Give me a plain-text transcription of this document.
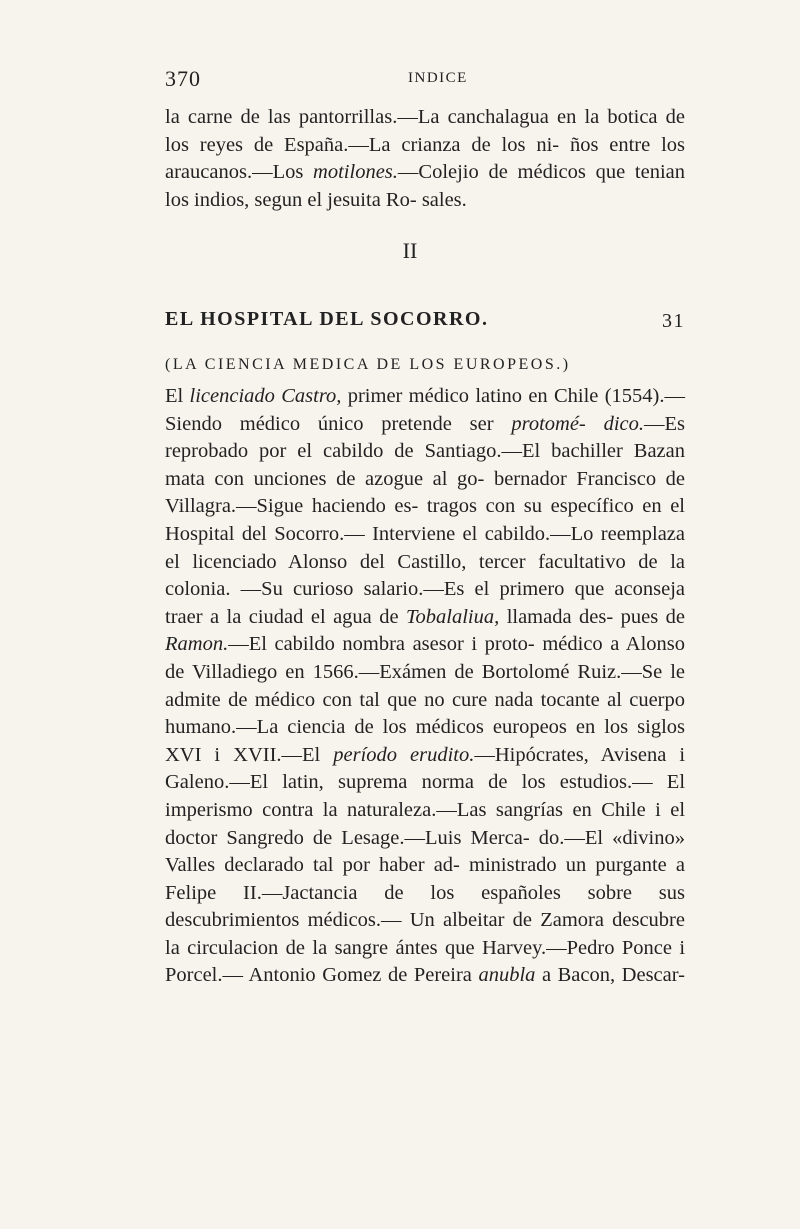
370	INDICE
la carne de las pantorrillas.—La canchalagua en la botica de los reyes de España.—La crianza de los ni- ños entre los araucanos.—Los motilones.—Colejio de médicos que tenian los indios, segun el jesuita Ro- sales.
II
EL HOSPITAL DEL SOCORRO.	31
(LA CIENCIA MEDICA DE LOS EUROPEOS.)
El licenciado Castro, primer médico latino en Chile (1554).—Siendo médico único pretende ser protomé- dico.—Es reprobado por el cabildo de Santiago.—El bachiller Bazan mata con unciones de azogue al go- bernador Francisco de Villagra.—Sigue haciendo es- tragos con su específico en el Hospital del Socorro.— Interviene el cabildo.—Lo reemplaza el licenciado Alonso del Castillo, tercer facultativo de la colonia. —Su curioso salario.—Es el primero que aconseja traer a la ciudad el agua de Tobalaliua, llamada des- pues de Ramon.—El cabildo nombra asesor i proto- médico a Alonso de Villadiego en 1566.—Exámen de Bortolomé Ruiz.—Se le admite de médico con tal que no cure nada tocante al cuerpo humano.—La ciencia de los médicos europeos en los siglos XVI i XVII.—El período erudito.—Hipócrates, Avisena i Galeno.—El latin, suprema norma de los estudios.— El imperismo contra la naturaleza.—Las sangrías en Chile i el doctor Sangredo de Lesage.—Luis Merca- do.—El «divino» Valles declarado tal por haber ad- ministrado un purgante a Felipe II.—Jactancia de los españoles sobre sus descubrimientos médicos.— Un albeitar de Zamora descubre la circulacion de la sangre ántes que Harvey.—Pedro Ponce i Porcel.— Antonio Gomez de Pereira anubla a Bacon, Descar-
